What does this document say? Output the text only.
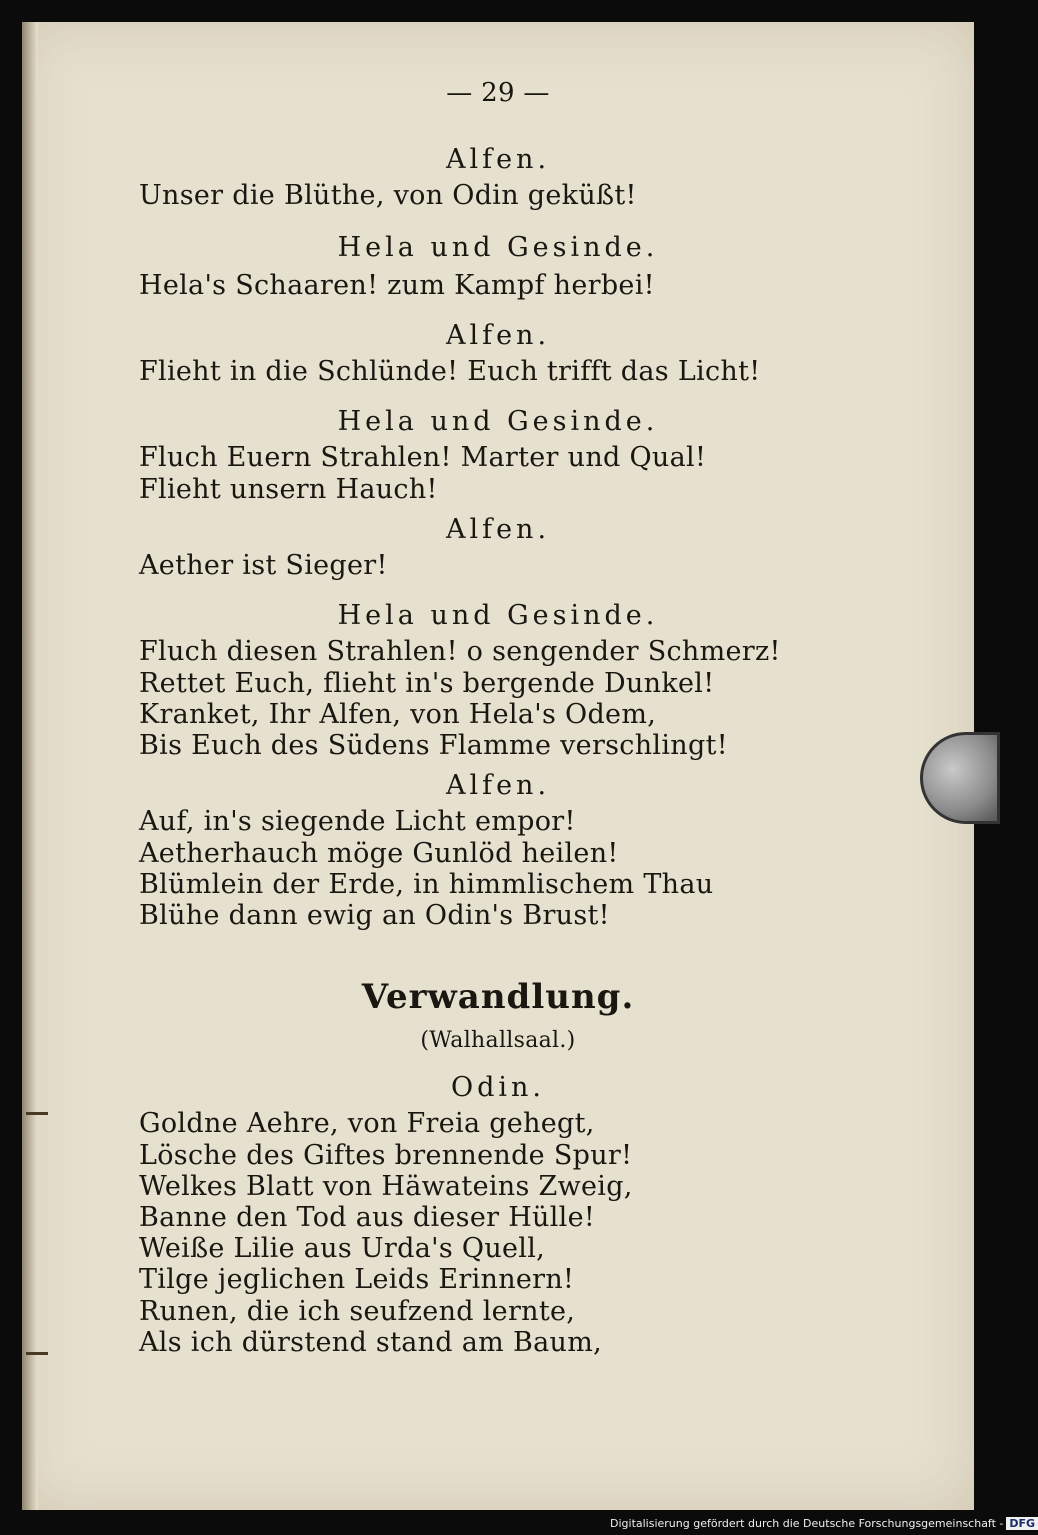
— 29 —
Alfen.
Unser die Blüthe, von Odin geküßt!
Hela und Gesinde.
Hela's Schaaren! zum Kampf herbei!
Alfen.
Flieht in die Schlünde! Euch trifft das Licht!
Hela und Gesinde.
Fluch Euern Strahlen! Marter und Qual!
Flieht unsern Hauch!
Alfen.
Aether ist Sieger!
Hela und Gesinde.
Fluch diesen Strahlen! o sengender Schmerz!
Rettet Euch, flieht in's bergende Dunkel!
Kranket, Ihr Alfen, von Hela's Odem,
Bis Euch des Südens Flamme verschlingt!
Alfen.
Auf, in's siegende Licht empor!
Aetherhauch möge Gunlöd heilen!
Blümlein der Erde, in himmlischem Thau
Blühe dann ewig an Odin's Brust!
Verwandlung.
(Walhallsaal.)
Odin.
Goldne Aehre, von Freia gehegt,
Lösche des Giftes brennende Spur!
Welkes Blatt von Häwateins Zweig,
Banne den Tod aus dieser Hülle!
Weiße Lilie aus Urda's Quell,
Tilge jeglichen Leids Erinnern!
Runen, die ich seufzend lernte,
Als ich dürstend stand am Baum,
Digitalisierung gefördert durch die Deutsche Forschungsgemeinschaft - DFG
